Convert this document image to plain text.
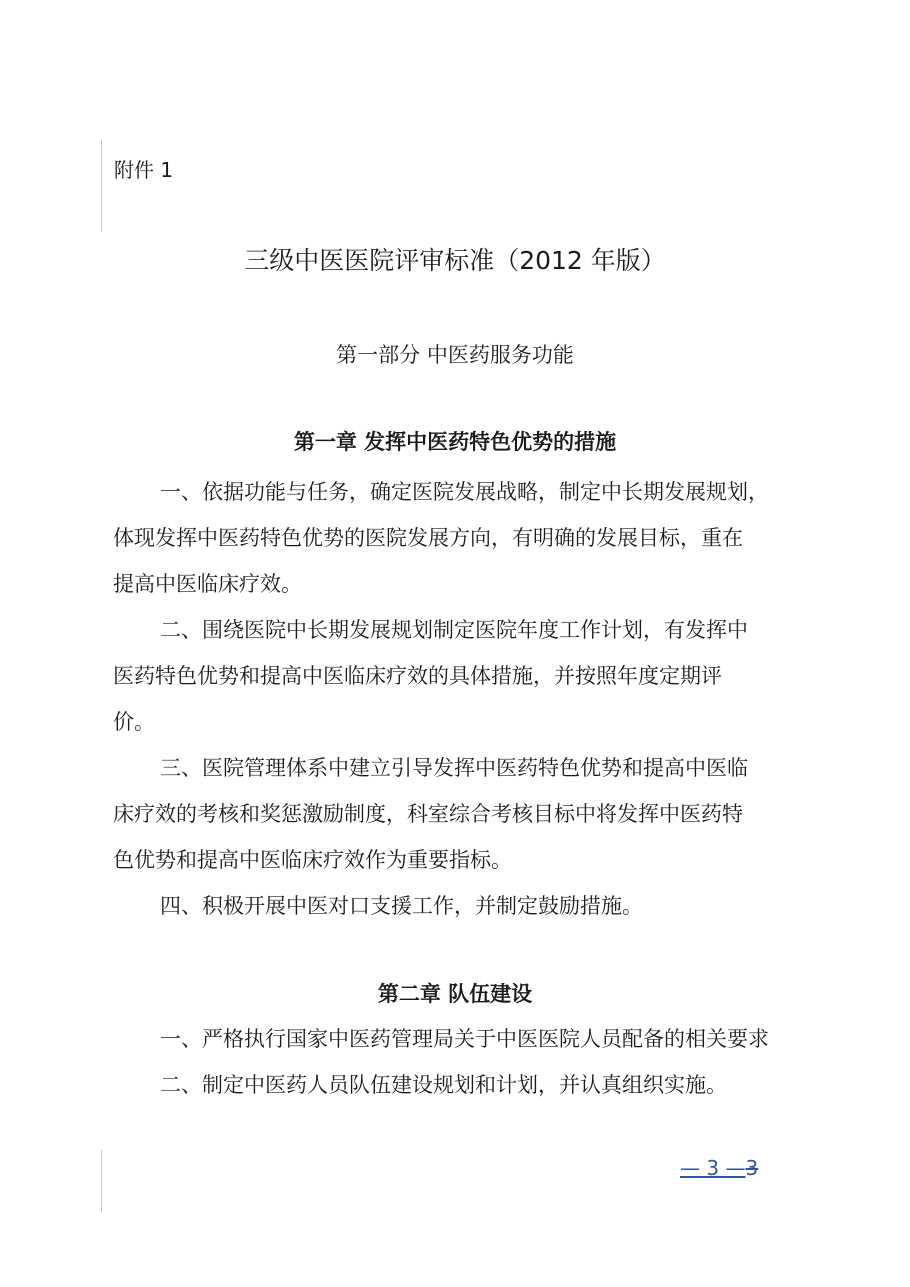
附件 1
三级中医医院评审标准（2012 年版）
第一部分 中医药服务功能
第一章 发挥中医药特色优势的措施
一、依据功能与任务，确定医院发展战略，制定中长期发展规划，
体现发挥中医药特色优势的医院发展方向，有明确的发展目标，重在
提高中医临床疗效。
二、围绕医院中长期发展规划制定医院年度工作计划，有发挥中
医药特色优势和提高中医临床疗效的具体措施，并按照年度定期评
价。
三、医院管理体系中建立引导发挥中医药特色优势和提高中医临
床疗效的考核和奖惩激励制度，科室综合考核目标中将发挥中医药特
色优势和提高中医临床疗效作为重要指标。
四、积极开展中医对口支援工作，并制定鼓励措施。
第二章 队伍建设
一、严格执行国家中医药管理局关于中医医院人员配备的相关要求
二、制定中医药人员队伍建设规划和计划，并认真组织实施。
— 3 —3
